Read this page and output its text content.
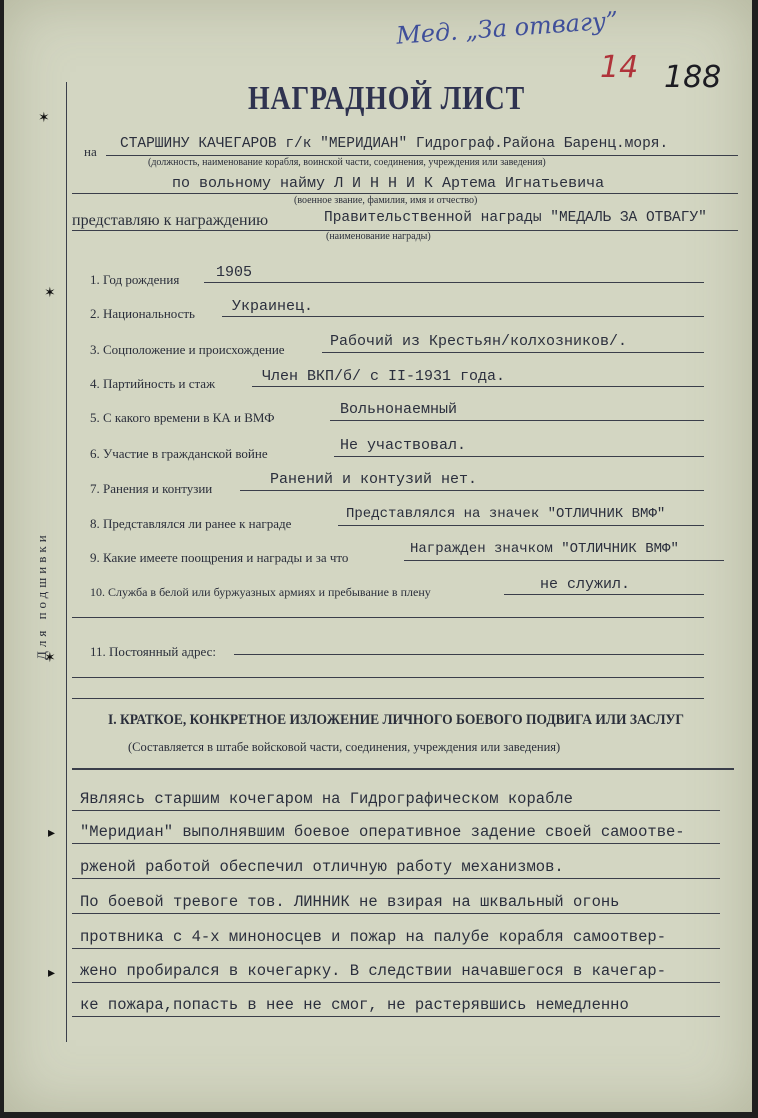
Мед. „За отвагу”
14 188
НАГРАДНОЙ ЛИСТ
на СТАРШИНУ КАЧЕГАРОВ г/к "МЕРИДИАН" Гидрограф.Района Баренц.моря.
(должность, наименование корабля, воинской части, соединения, учреждения или заведения)
по вольному найму Л И Н Н И К Артема Игнатьевича
(военное звание, фамилия, имя и отчество)
представляю к награждению	Правительственной награды "МЕДАЛЬ ЗА ОТВАГУ"
(наименование награды)
1. Год рождения 1905
2. Национальность Украинец.
3. Соцположение и происхождение	Рабочий из Крестьян/колхозников/.
4. Партийность и стаж	Член ВКП/б/ с II-1931 года.
5. С какого времени в КА и ВМФ	Вольнонаемный
6. Участие в гражданской войне	Не участвовал.
7. Ранения и контузии
Ранений и контузий нет.
8. Представлялся ли ранее к награде
Представлялся на значек "ОТЛИЧНИК ВМФ"
9. Какие имеете поощрения и награды и за что
Награжден значком "ОТЛИЧНИК ВМФ"
10. Служба в белой или буржуазных армиях и пребывание в плену	не служил.
11. Постоянный адрес:
I. КРАТКОЕ, КОНКРЕТНОЕ ИЗЛОЖЕНИЕ ЛИЧНОГО БОЕВОГО ПОДВИГА ИЛИ ЗАСЛУГ
(Составляется в штабе войсковой части, соединения, учреждения или заведения)
Являясь старшим кочегаром на Гидрографическом корабле
"Меридиан" выполнявшим боевое оперативное задение своей самоотве-
рженой работой обеспечил отличную работу механизмов.
По боевой тревоге тов. ЛИННИК не взирая на шквальный огонь
протвника с 4-х миноносцев и пожар на палубе корабля самоотвер-
жено пробирался в кочегарку. В следствии начавшегося в качегар-
ке пожара,попасть в нее не смог, не растерявшись немедленно
Для подшивки
✶
✶
✶
▸
▸
